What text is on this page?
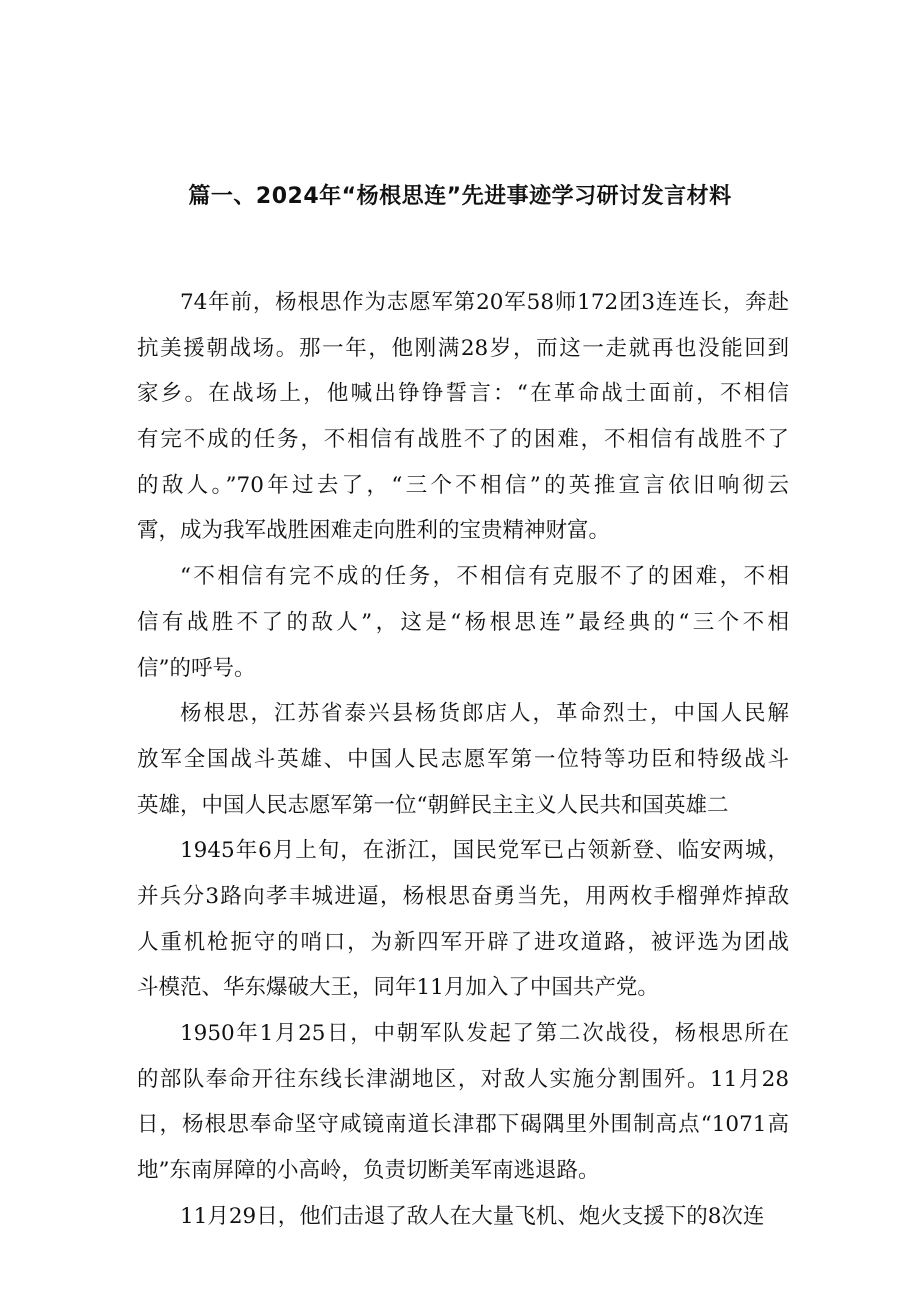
篇一、2024年“杨根思连”先进事迹学习研讨发言材料
74年前，杨根思作为志愿军第20军58师172团3连连长，奔赴
抗美援朝战场。那一年，他刚满28岁，而这一走就再也没能回到
家乡。在战场上，他喊出铮铮誓言：“在革命战士面前，不相信
有完不成的任务，不相信有战胜不了的困难，不相信有战胜不了
的敌人。”70年过去了，“三个不相信”的英推宣言依旧响彻云
霄，成为我军战胜困难走向胜利的宝贵精神财富。
“不相信有完不成的任务，不相信有克服不了的困难，不相
信有战胜不了的敌人”，这是“杨根思连”最经典的“三个不相
信”的呼号。
杨根思，江苏省泰兴县杨货郎店人，革命烈士，中国人民解
放军全国战斗英雄、中国人民志愿军第一位特等功臣和特级战斗
英雄，中国人民志愿军第一位“朝鲜民主主义人民共和国英雄二
1945年6月上旬，在浙江，国民党军已占领新登、临安两城，
并兵分3路向孝丰城进逼，杨根思奋勇当先，用两枚手榴弹炸掉敌
人重机枪扼守的哨口，为新四军开辟了进攻道路，被评选为团战
斗模范、华东爆破大王，同年11月加入了中国共产党。
1950年1月25日，中朝军队发起了第二次战役，杨根思所在
的部队奉命开往东线长津湖地区，对敌人实施分割围歼。11月28
日，杨根思奉命坚守咸镜南道长津郡下碣隅里外围制高点“1071高
地”东南屏障的小高岭，负责切断美军南逃退路。
11月29日，他们击退了敌人在大量飞机、炮火支援下的8次连
